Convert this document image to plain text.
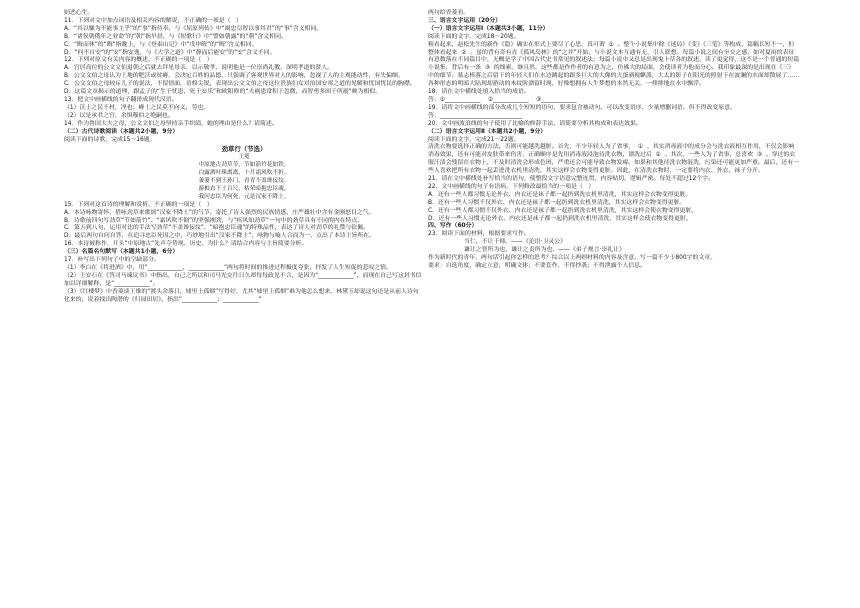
则恶心生。

11．下列对文中加点词语及相关内容的解说，不正确的一项是（   ）

A．“其以嫌为不能事主乎”的“事”指侍奉，与《屈原列传》中“竭忠尽智以事其君”的“事”含义相同。

B．“诸侯朝俄年之业命”的“朝”指早晨，与《短歌行》中“譬如朝露”的“朝”含义相同。

C．“晦而休”的“晦”指晚上，与《登泰山记》中“戊申晦”的“晦”含义相同。

D．“何不自安”的“安”指安逸，与《大学之道》中“静而后能安”的“安”含义不同。

12．下列对原文有关内容的概述，不正确的一项是（   ）

A．官居高位的公文文伯退朝之后就去拜见母亲，以示敬孝，说明他是一位崇尚礼教、深明孝道的贤人。

B．公文文伯之母认为土地的肥沃或贫瘠，会决定百姓的品德，只强调了客观世界对人的影响，忽视了人的主观能动性，有失偏颇。

C．公文文伯之母较斥儿子的说法，不留情面，语修尖锐，表现出公文文伯之母这位贵族妇女对治国安邦之道的见解和忧国忧民的胸襟。

D．这篇文章揭示的道理，跟孟子的“生于忧患，死于安乐”和欧阳修的“夫祸患常积于忽微，而智勇多困于所溺”颇为相似。

13．把文中画横线的句子翻译成现代汉语。

（1）沃土之民不材，淫也；瘠土之民莫不向义，劳也。

（2）以是承君之官，余惧穆伯之绝嗣也。

14．作为鲁国大夫之母，公文文伯之母坚持亲手织绩，她的理由是什么？请简述。

（二）古代诗歌阅读（本题共2小题，9分）

阅读下面的诗歌，完成15～16题。

劲草行（节选）

王冕

中原地古劲草节，节如箭竹花如铁。

白露洒叶珠离离，十月霜风吹不折。

萋萋不到王孙门，青青不盖谗佞坟。

游根直下土百尺，枯荣暗抱忠臣魂。

我问忠臣为何死，元是汉家不降士。

15．下列对这首诗的理解和赏析，不正确的一项是（   ）

A．本诗咏物寄怀，借咏劲草来歌颂“汉家不降士”的气节，寄托了诗人强烈的民族情感，庄严雄壮中含有金刚怒目之气。

B．诗歌前四句写劲草“节如箭竹”、“霜风吹不倒”的坚强刚劲，与“疾风知劲草”一句中的劲草具有不同的内在特点。

C．第五到八句，运用对比的手法写劲草“不盖谗佞坟”、“暗抱忠臣魂”的特殊品性，表达了诗人对劲草的礼赞与钦佩。

D．最后两句自问自答，在追寻忠臣死因之中，巧妙地引出“汉家不降士”，咏物与喻人合而为一，点出了本诗主旨所在。

16．本诗被称作，开头“中原地古”先声夺势现。历史，为什么？请结合内容与主旨简要分析。

（三）名篇名句默写（本题共1小题，6分）

17．补写出下列句子中的空缺部分。

（1）李白在《将进酒》中，用“____________，____________”两句将时间的推进过程极度夸张，抒发了人生短促的悲叹之情。

（2）王安石在《答司马谏议书》中指出，自己之所以和司马光交往日久却每每政见不合，是因为“____________”，而现在自己写这封书信加以详细解释，是“____________”。

（3）《红楼梦》中香菱谈王维的“渡头余落日，墟里上孤烟”写得好，尤其“墟里上孤烟”难为他怎么想来，林黛玉却说这句还是从前人诗句化来的，说着找出陶潜的《归园田居》，指出“____________；____________”

两句给香菱看。

三、语言文字运用（20分）

（一）语言文字运用Ⅰ（本题共3小题，11分）

阅读下面的文字，完成18～20题。

粗看起来，赵松先生的新作《隐》确实在形式上要尽了心思，真可谓  ①  。整个小说集中除《迷局》《变》《三笔》等构成，篇幅长短不一，但整体看起来  ②  。虽的背有奇有直《孤风岛林》的“之并”开始，与小说文本互通有无，引人联想。每篇小说之间有至交之感，如对夏雨的表征有意数落在不同篇目中，无概是学了中国古代史书常见的叙述法；每篇小说中又总是出现鬼卜草各的叙述，读了更觉得，这不是一个普通的短篇小说集，背后有一条  ③  的线索。继且然，这些都是作作者的有意为之，仿佛大的局面，会使读者为他而分心。我印象最深的是出现在《三》中的细节：墓志棒落之后留下的年轻人们在水边跳起的跟多巨大的大像的大蛋剥视麒派，大太的影子在阳光的照射下在波澜的水面却散展了……各种形态的明暗大陆现却游动的木纹阶漂留时现，好像想拥有人生梦想的本然无关，一排排地在水中飘浮。

18．请在文中横线处填入恰当的成语。

答：①____________    ②____________    ③____________

19．请将文中画横线的部分改成几个短短的语句，要求包含被动句。可以改变语序、少量增删词语，但不得改变原意。

答：____________________________

20．文中画波浪线的句子使用了比喻的修辞手法，请简要分析其构成和表达效果。

（二）语言文字运用Ⅱ（本题共2小题，9分）

阅读下面的文字，完成21～22题。

清洗衣物要选择正确的方法，否则可能越洗越脏。首先，不少年轻人为了省事，  ①  ，其实消毒液中的成分会与洗衣液相互作用，不仅会影响消毒效果，还有可能对皮肤带来伤害，正确顺序是先用消毒液浸泡待洗衣物，漂洗过后  ②  。其次，一些人为了省事，总喜欢  ③  。穿过的衣服汗渍会残留在衣物上，不及时清洗会形成色斑，严重还会可能导致衣物发霉。如果和其他待洗衣物混洗，污染还可能更加严重。最后，还有一些人喜欢把所有衣物一起丢进洗衣机里清洗，其实这样会衣物变得更脏。因此，在清洗衣物时，一定要将内衣、外衣、袜子分开。

21．请在文中横线处补写恰当的语句，使整段文字语意完整连贯，内容贴切，逻辑严密。每处不超过12个字。

22．文中画横线的句子有语病，下列修改最恰当的一项是（   ）

A．还有一些人都习惯无论外衣、内衣还是袜子都一起扔到洗衣机里清洗，其实这样会衣物变得更脏。

B．还有一些人习惯不仅外衣、内衣还是袜子都一起扔到洗衣机里清洗，其实这样会衣物变得更脏。

C．还有一些人都习惯不仅外衣、内衣还是袜子都一起扔到洗衣机里清洗，其实这样会使衣物变得更脏。

D．还有一些人习惯无论外衣、内衣还是袜子都一起扔到洗衣机里清洗，其实这样会使衣物变得更脏。

四、写作（60分）

23．阅读下面的材料，根据要求写作。

当仁，不让于师。——《论语·卫灵公》

谦让之智所为也，谦让之责所为也，——《弟子规言·崇礼让》

作为新时代的青年，两句话引起你怎样的思考？综合以上两则材料的内容及含意，写一篇不少于800字的文章。

要求：自选角度，确定立意，明确文体；不要套作，不得抄袭；不得泄露个人信息。
